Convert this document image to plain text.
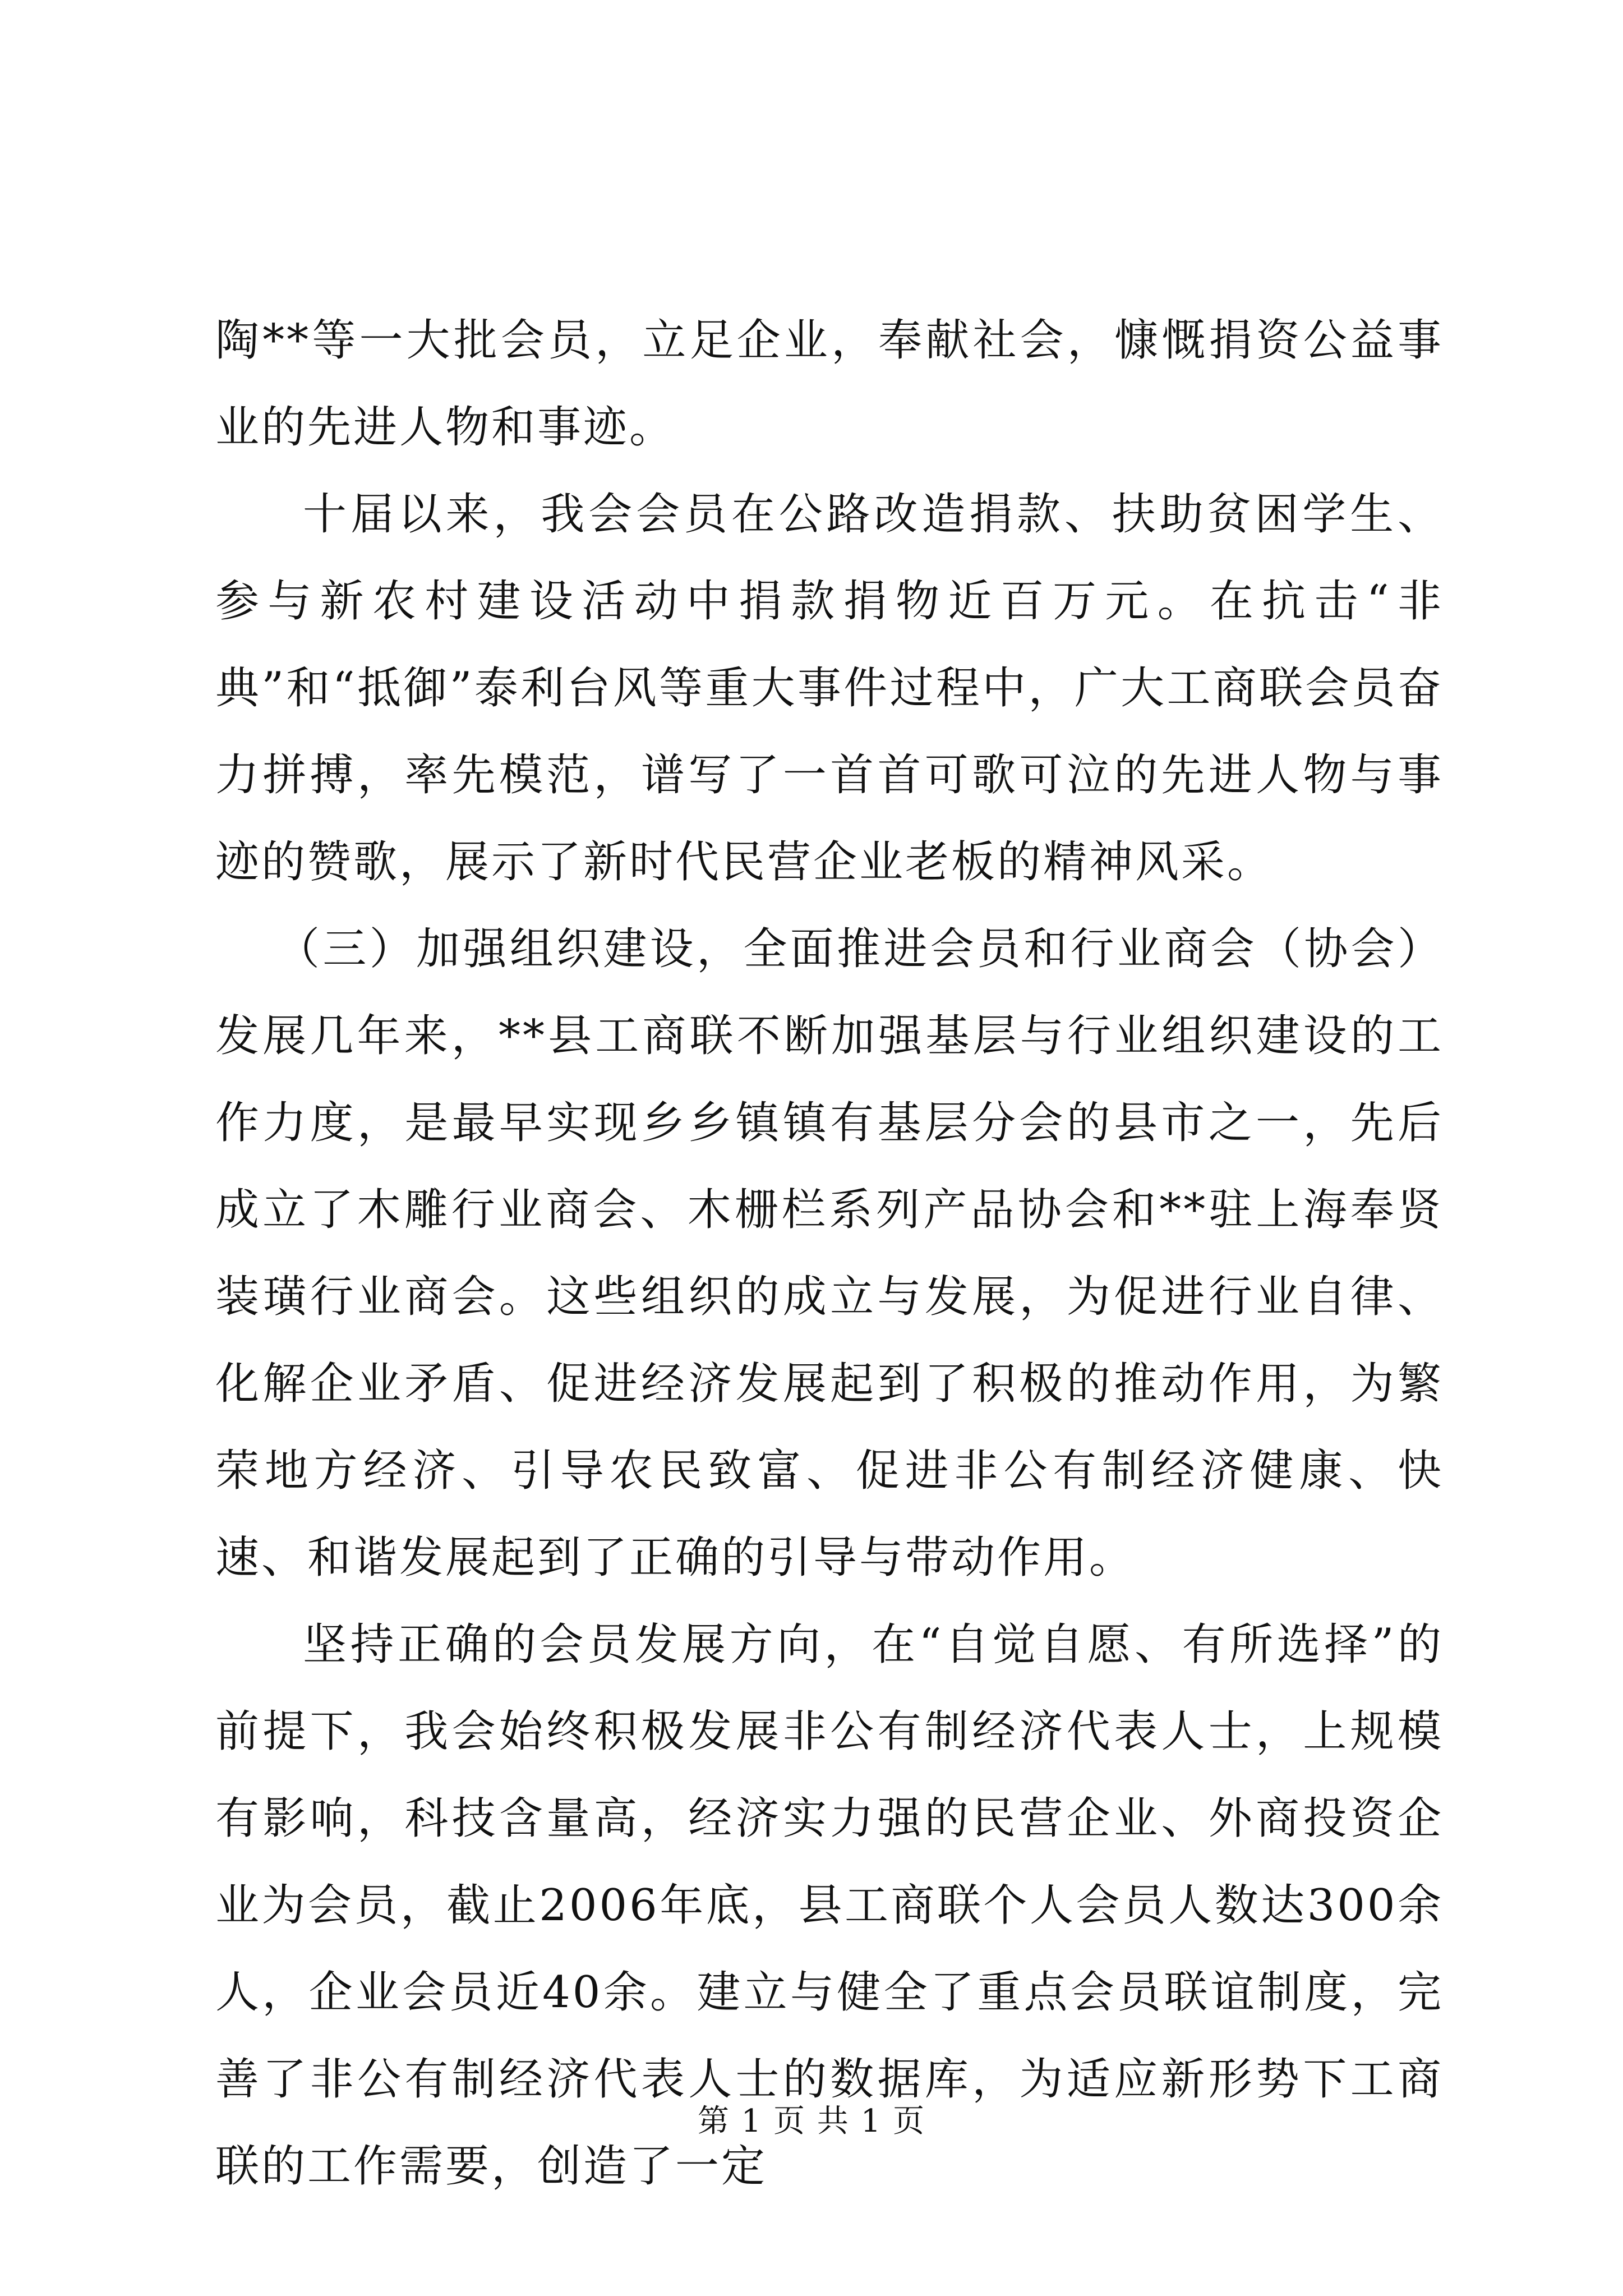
陶**等一大批会员，立足企业，奉献社会，慷慨捐资公益事业的先进人物和事迹。

十届以来，我会会员在公路改造捐款、扶助贫困学生、参与新农村建设活动中捐款捐物近百万元。在抗击“非典”和“抵御”泰利台风等重大事件过程中，广大工商联会员奋力拼搏，率先模范，谱写了一首首可歌可泣的先进人物与事迹的赞歌，展示了新时代民营企业老板的精神风采。

（三）加强组织建设，全面推进会员和行业商会（协会）发展几年来，**县工商联不断加强基层与行业组织建设的工作力度，是最早实现乡乡镇镇有基层分会的县市之一，先后成立了木雕行业商会、木栅栏系列产品协会和**驻上海奉贤装璜行业商会。这些组织的成立与发展，为促进行业自律、化解企业矛盾、促进经济发展起到了积极的推动作用，为繁荣地方经济、引导农民致富、促进非公有制经济健康、快速、和谐发展起到了正确的引导与带动作用。

坚持正确的会员发展方向，在“自觉自愿、有所选择”的前提下，我会始终积极发展非公有制经济代表人士，上规模有影响，科技含量高，经济实力强的民营企业、外商投资企业为会员，截止2006年底，县工商联个人会员人数达300余人，企业会员近40余。建立与健全了重点会员联谊制度，完善了非公有制经济代表人士的数据库，为适应新形势下工商联的工作需要，创造了一定

第 1 页 共 1 页
